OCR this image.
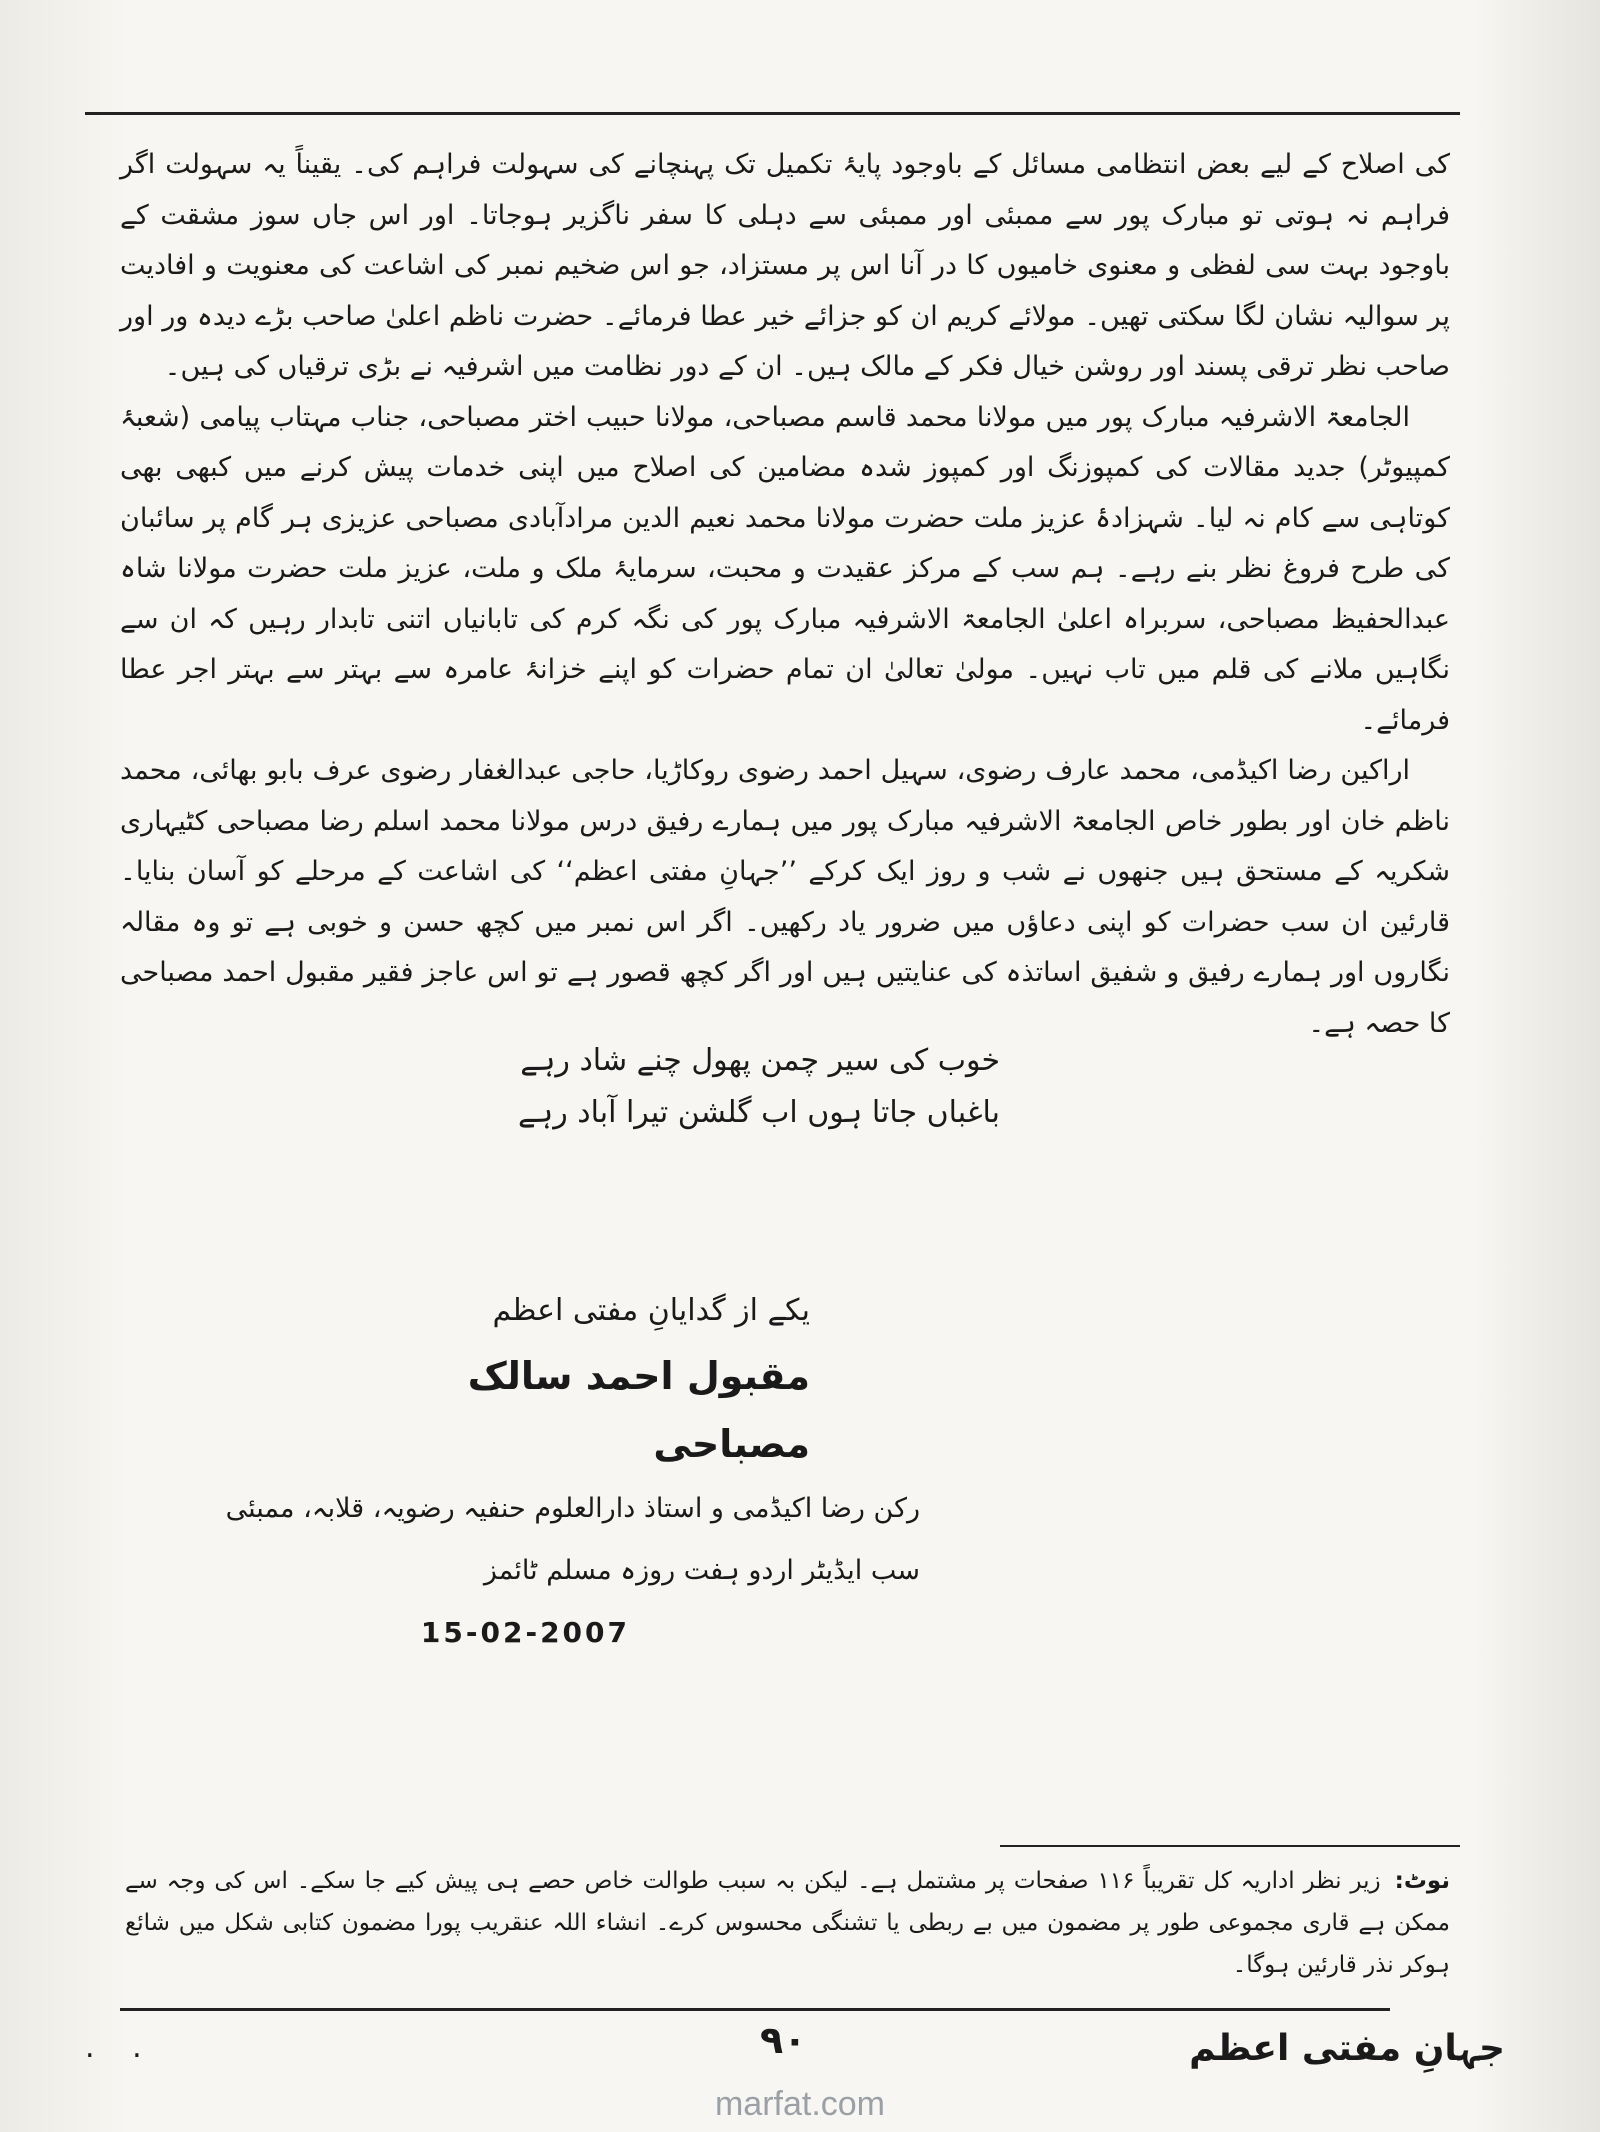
کی اصلاح کے لیے بعض انتظامی مسائل کے باوجود پایۂ تکمیل تک پہنچانے کی سہولت فراہم کی۔ یقیناً یہ سہولت اگر فراہم نہ ہوتی تو مبارک پور سے ممبئی اور ممبئی سے دہلی کا سفر ناگزیر ہوجاتا۔ اور اس جاں سوز مشقت کے باوجود بہت سی لفظی و معنوی خامیوں کا در آنا اس پر مستزاد، جو اس ضخیم نمبر کی اشاعت کی معنویت و افادیت پر سوالیہ نشان لگا سکتی تھیں۔ مولائے کریم ان کو جزائے خیر عطا فرمائے۔ حضرت ناظم اعلیٰ صاحب بڑے دیدہ ور اور صاحب نظر ترقی پسند اور روشن خیال فکر کے مالک ہیں۔ ان کے دور نظامت میں اشرفیہ نے بڑی ترقیاں کی ہیں۔

الجامعۃ الاشرفیہ مبارک پور میں مولانا محمد قاسم مصباحی، مولانا حبیب اختر مصباحی، جناب مہتاب پیامی (شعبۂ کمپیوٹر) جدید مقالات کی کمپوزنگ اور کمپوز شدہ مضامین کی اصلاح میں اپنی خدمات پیش کرنے میں کبھی بھی کوتاہی سے کام نہ لیا۔ شہزادۂ عزیز ملت حضرت مولانا محمد نعیم الدین مرادآبادی مصباحی عزیزی ہر گام پر سائبان کی طرح فروغ نظر بنے رہے۔ ہم سب کے مرکز عقیدت و محبت، سرمایۂ ملک و ملت، عزیز ملت حضرت مولانا شاہ عبدالحفیظ مصباحی، سربراہ اعلیٰ الجامعۃ الاشرفیہ مبارک پور کی نگہ کرم کی تابانیاں اتنی تابدار رہیں کہ ان سے نگاہیں ملانے کی قلم میں تاب نہیں۔ مولیٰ تعالیٰ ان تمام حضرات کو اپنے خزانۂ عامرہ سے بہتر سے بہتر اجر عطا فرمائے۔

اراکین رضا اکیڈمی، محمد عارف رضوی، سہیل احمد رضوی روکاڑیا، حاجی عبدالغفار رضوی عرف بابو بھائی، محمد ناظم خان اور بطور خاص الجامعۃ الاشرفیہ مبارک پور میں ہمارے رفیق درس مولانا محمد اسلم رضا مصباحی کٹیہاری شکریہ کے مستحق ہیں جنھوں نے شب و روز ایک کرکے ’’جہانِ مفتی اعظم‘‘ کی اشاعت کے مرحلے کو آسان بنایا۔ قارئین ان سب حضرات کو اپنی دعاؤں میں ضرور یاد رکھیں۔ اگر اس نمبر میں کچھ حسن و خوبی ہے تو وہ مقالہ نگاروں اور ہمارے رفیق و شفیق اساتذہ کی عنایتیں ہیں اور اگر کچھ قصور ہے تو اس عاجز فقیر مقبول احمد مصباحی کا حصہ ہے۔

خوب کی سیر چمن پھول چنے شاد رہے
باغباں جاتا ہوں اب گلشن تیرا آباد رہے
یکے از گدایانِ مفتی اعظم
مقبول احمد سالک مصباحی
رکن رضا اکیڈمی و استاذ دارالعلوم حنفیہ رضویہ، قلابہ، ممبئی
سب ایڈیٹر اردو ہفت روزہ مسلم ٹائمز
15-02-2007
نوٹ:زیر نظر اداریہ کل تقریباً ۱۱۶ صفحات پر مشتمل ہے۔ لیکن بہ سبب طوالت خاص حصے ہی پیش کیے جا سکے۔ اس کی وجہ سے ممکن ہے قاری مجموعی طور پر مضمون میں بے ربطی یا تشنگی محسوس کرے۔ انشاء اللہ عنقریب پورا مضمون کتابی شکل میں شائع ہوکر نذر قارئین ہوگا۔
. .	۹۰	جہانِ مفتی اعظم
marfat.com
